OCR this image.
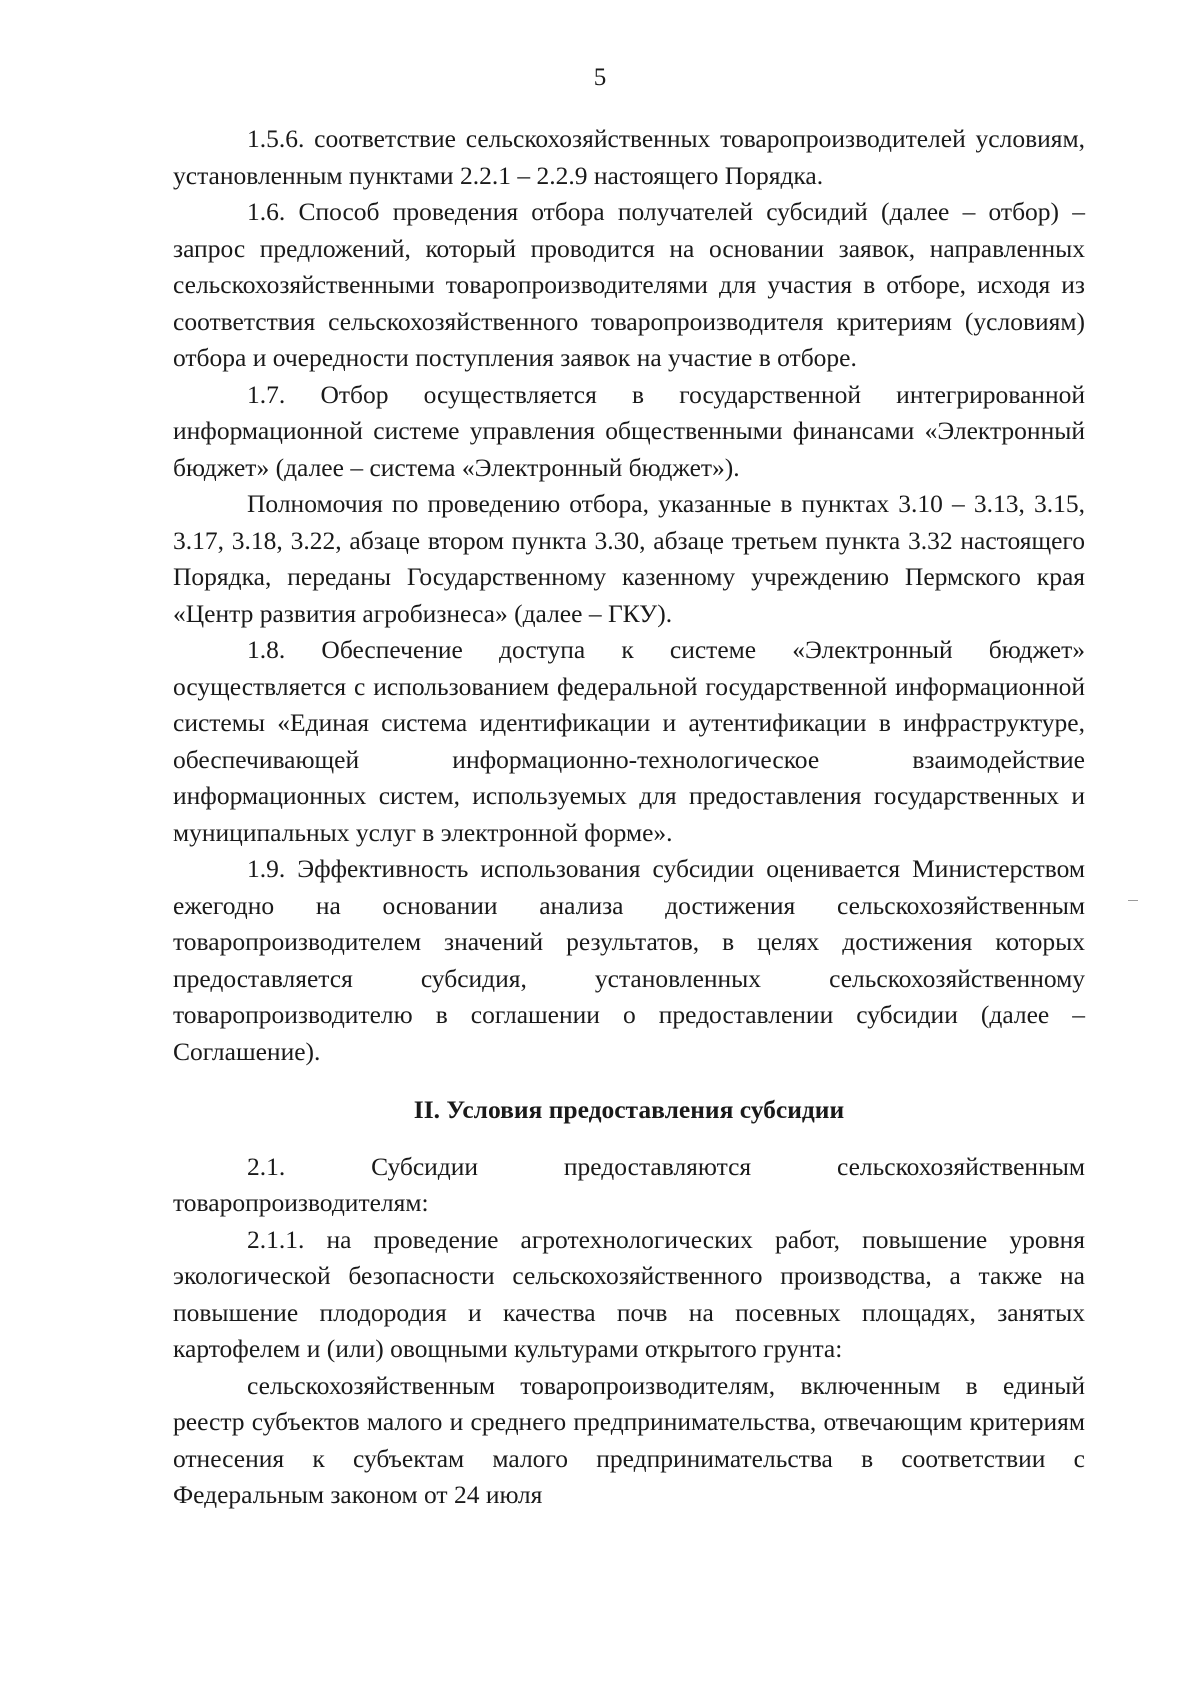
5

1.5.6. соответствие сельскохозяйственных товаропроизводителей условиям, установленным пунктами 2.2.1 – 2.2.9 настоящего Порядка.

1.6. Способ проведения отбора получателей субсидий (далее – отбор) – запрос предложений, который проводится на основании заявок, направленных сельскохозяйственными товаропроизводителями для участия в отборе, исходя из соответствия сельскохозяйственного товаропроизводителя критериям (условиям) отбора и очередности поступления заявок на участие в отборе.

1.7. Отбор осуществляется в государственной интегрированной информационной системе управления общественными финансами «Электронный бюджет» (далее – система «Электронный бюджет»).

Полномочия по проведению отбора, указанные в пунктах 3.10 – 3.13, 3.15, 3.17, 3.18, 3.22, абзаце втором пункта 3.30, абзаце третьем пункта 3.32 настоящего Порядка, переданы Государственному казенному учреждению Пермского края «Центр развития агробизнеса» (далее – ГКУ).

1.8. Обеспечение доступа к системе «Электронный бюджет» осуществляется с использованием федеральной государственной информационной системы «Единая система идентификации и аутентификации в инфраструктуре, обеспечивающей информационно-технологическое взаимодействие информационных систем, используемых для предоставления государственных и муниципальных услуг в электронной форме».

1.9. Эффективность использования субсидии оценивается Министерством ежегодно на основании анализа достижения сельскохозяйственным товаропроизводителем значений результатов, в целях достижения которых предоставляется субсидия, установленных сельскохозяйственному товаропроизводителю в соглашении о предоставлении субсидии (далее – Соглашение).

II. Условия предоставления субсидии

2.1. Субсидии предоставляются сельскохозяйственным товаропроизводителям:

2.1.1. на проведение агротехнологических работ, повышение уровня экологической безопасности сельскохозяйственного производства, а также на повышение плодородия и качества почв на посевных площадях, занятых картофелем и (или) овощными культурами открытого грунта:

сельскохозяйственным товаропроизводителям, включенным в единый реестр субъектов малого и среднего предпринимательства, отвечающим критериям отнесения к субъектам малого предпринимательства в соответствии с Федеральным законом от 24 июля
